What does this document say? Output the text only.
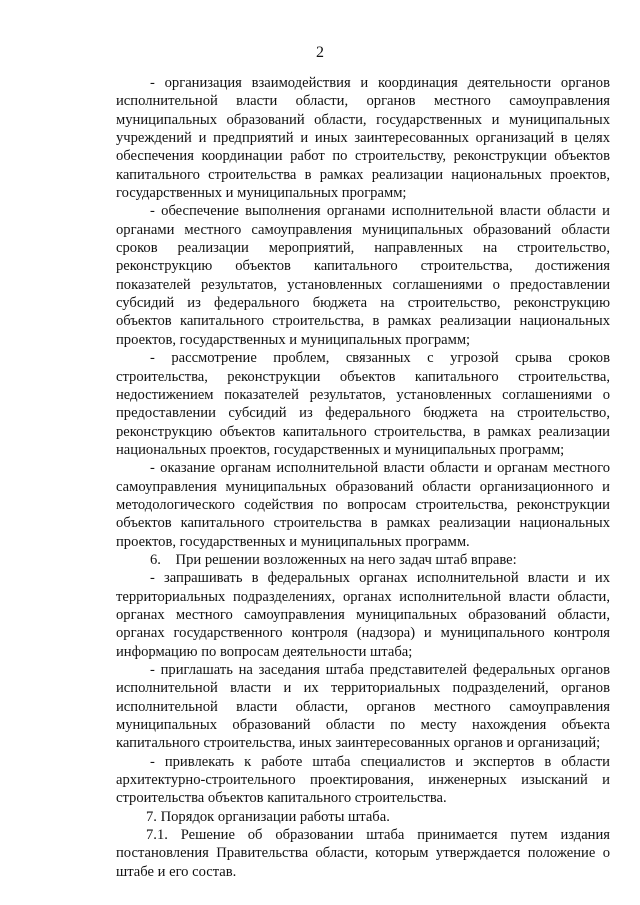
2

- организация взаимодействия и координация деятельности органов исполнительной власти области, органов местного самоуправления муниципальных образований области, государственных и муниципальных учреждений и предприятий и иных заинтересованных организаций в целях обеспечения координации работ по строительству, реконструкции объектов капитального строительства в рамках реализации национальных проектов, государственных и муниципальных программ;

- обеспечение выполнения органами исполнительной власти области и органами местного самоуправления муниципальных образований области сроков реализации мероприятий, направленных на строительство, реконструкцию объектов капитального строительства, достижения показателей результатов, установленных соглашениями о предоставлении субсидий из федерального бюджета на строительство, реконструкцию объектов капитального строительства, в рамках реализации национальных проектов, государственных и муниципальных программ;

- рассмотрение проблем, связанных с угрозой срыва сроков строительства, реконструкции объектов капитального строительства, недостижением показателей результатов, установленных соглашениями о предоставлении субсидий из федерального бюджета на строительство, реконструкцию объектов капитального строительства, в рамках реализации национальных проектов, государственных и муниципальных программ;

- оказание органам исполнительной власти области и органам местного самоуправления муниципальных образований области организационного и методологического содействия по вопросам строительства, реконструкции объектов капитального строительства в рамках реализации национальных проектов, государственных и муниципальных программ.

6.    При решении возложенных на него задач штаб вправе:

- запрашивать в федеральных органах исполнительной власти и их территориальных подразделениях, органах исполнительной власти области, органах местного самоуправления муниципальных образований области, органах государственного контроля (надзора) и муниципального контроля информацию по вопросам деятельности штаба;

- приглашать на заседания штаба представителей федеральных органов исполнительной власти и их территориальных подразделений, органов исполнительной власти области, органов местного самоуправления муниципальных образований области по месту нахождения объекта капитального строительства, иных заинтересованных органов и организаций;

- привлекать к работе штаба специалистов и экспертов в области архитектурно-строительного проектирования, инженерных изысканий и строительства объектов капитального строительства.

7. Порядок организации работы штаба.

7.1. Решение об образовании штаба принимается путем издания постановления Правительства области, которым утверждается положение о штабе и его состав.
